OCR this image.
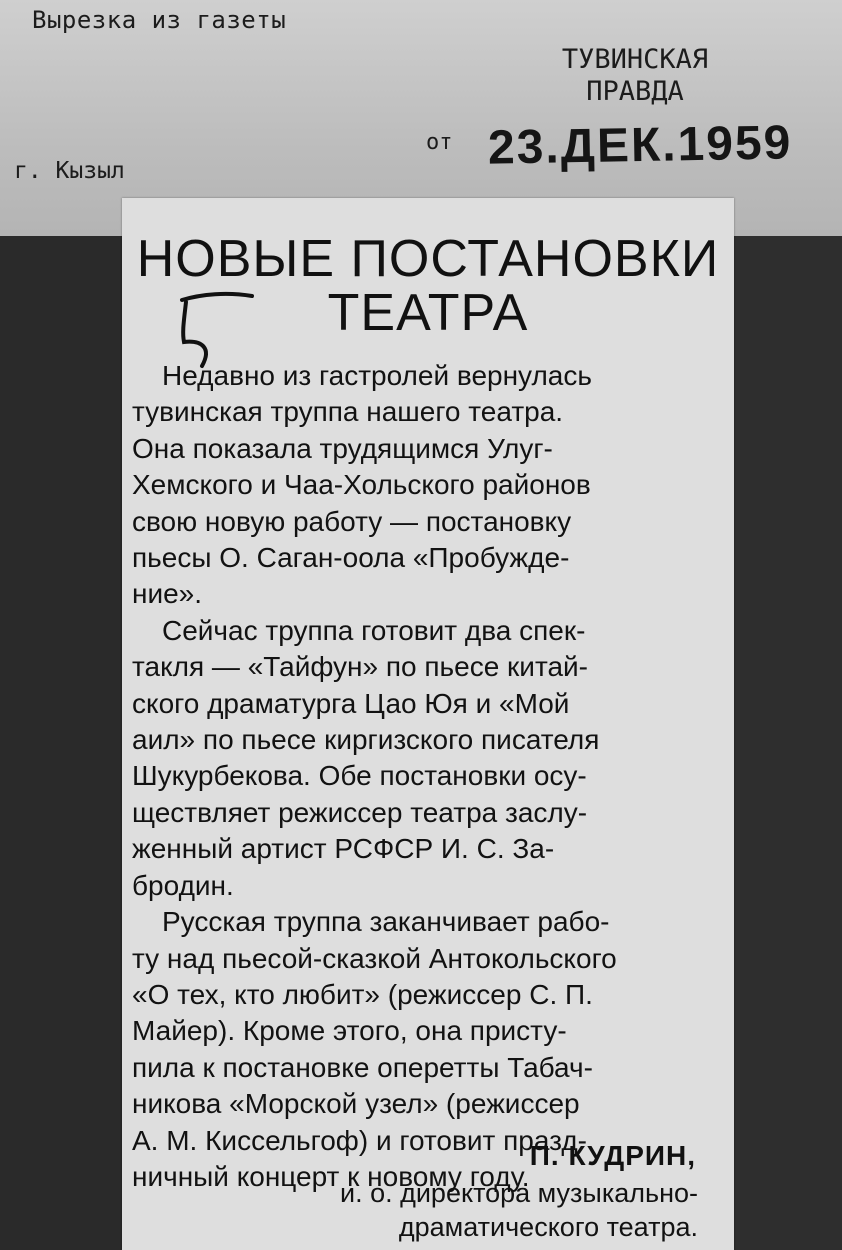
Вырезка из газеты
ТУВИНСКАЯ
ПРАВДА
от 23.ДЕК.1959
г. Кызыл
НОВЫЕ ПОСТАНОВКИ
ТЕАТРА

Недавно из гастролей вернулась
тувинская труппа нашего театра.
Она показала трудящимся Улуг-
Хемского и Чаа-Хольского районов
свою новую работу — постановку
пьесы О. Саган-оола «Пробужде-
ние».

Сейчас труппа готовит два спек-
такля — «Тайфун» по пьесе китай-
ского драматурга Цао Юя и «Мой
аил» по пьесе киргизского писателя
Шукурбекова. Обе постановки осу-
ществляет режиссер театра заслу-
женный артист РСФСР И. С. За-
бродин.

Русская труппа заканчивает рабо-
ту над пьесой-сказкой Антокольского
«О тех, кто любит» (режиссер С. П.
Майер). Кроме этого, она присту-
пила к постановке оперетты Табач-
никова «Морской узел» (режиссер
А. М. Киссельгоф) и готовит празд-
ничный концерт к новому году.

П. КУДРИН,
и. о. директора музыкально-
драматического театра.
